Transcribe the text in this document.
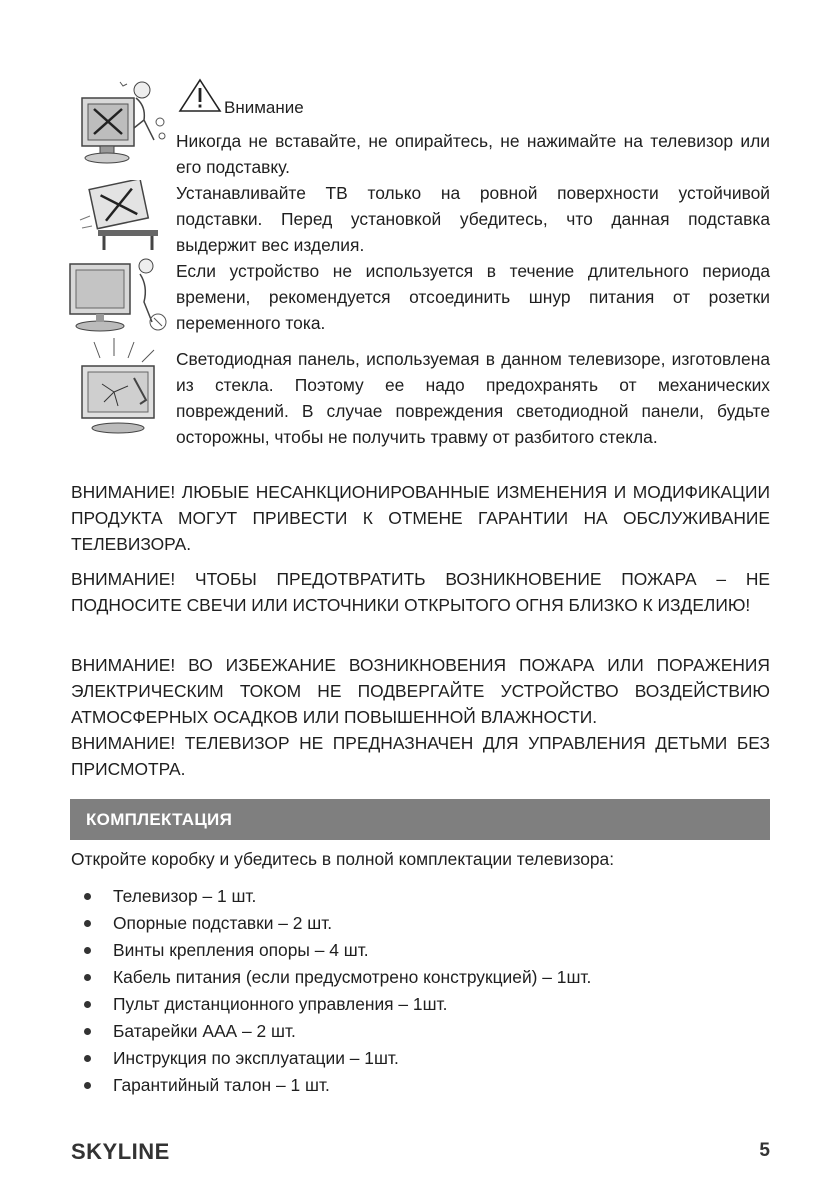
Внимание
Никогда не вставайте, не опирайтесь, не нажимайте на телевизор или его подставку.
Устанавливайте ТВ только на ровной поверхности устойчивой подставки. Перед установкой убедитесь, что данная подставка выдержит вес изделия.
Если устройство не используется в течение длительного периода времени, рекомендуется отсоединить шнур питания от розетки переменного тока.
Светодиодная панель, используемая в данном телевизоре, изготовлена из стекла. Поэтому ее надо предохранять от механических повреждений. В случае повреждения светодиодной панели, будьте осторожны, чтобы не получить травму от разбитого стекла.
ВНИМАНИЕ! ЛЮБЫЕ НЕСАНКЦИОНИРОВАННЫЕ ИЗМЕНЕНИЯ И МОДИФИКАЦИИ ПРОДУКТА МОГУТ ПРИВЕСТИ К ОТМЕНЕ ГАРАНТИИ НА ОБСЛУЖИВАНИЕ ТЕЛЕВИЗОРА.
ВНИМАНИЕ! ЧТОБЫ ПРЕДОТВРАТИТЬ ВОЗНИКНОВЕНИЕ ПОЖАРА – НЕ ПОДНОСИТЕ СВЕЧИ ИЛИ ИСТОЧНИКИ ОТКРЫТОГО ОГНЯ БЛИЗКО К ИЗДЕЛИЮ!
ВНИМАНИЕ! ВО ИЗБЕЖАНИЕ ВОЗНИКНОВЕНИЯ ПОЖАРА ИЛИ ПОРАЖЕНИЯ ЭЛЕКТРИЧЕСКИМ ТОКОМ НЕ ПОДВЕРГАЙТЕ УСТРОЙСТВО ВОЗДЕЙСТВИЮ АТМОСФЕРНЫХ ОСАДКОВ ИЛИ ПОВЫШЕННОЙ ВЛАЖНОСТИ.
ВНИМАНИЕ! ТЕЛЕВИЗОР НЕ ПРЕДНАЗНАЧЕН ДЛЯ УПРАВЛЕНИЯ ДЕТЬМИ БЕЗ ПРИСМОТРА.
КОМПЛЕКТАЦИЯ
Откройте коробку и убедитесь в полной комплектации телевизора:
Телевизор – 1 шт.
Опорные подставки – 2 шт.
Винты крепления опоры – 4 шт.
Кабель питания (если предусмотрено конструкцией) – 1шт.
Пульт дистанционного управления – 1шт.
Батарейки ААА – 2 шт.
Инструкция по эксплуатации – 1шт.
Гарантийный талон – 1 шт.
SKYLINE	5
